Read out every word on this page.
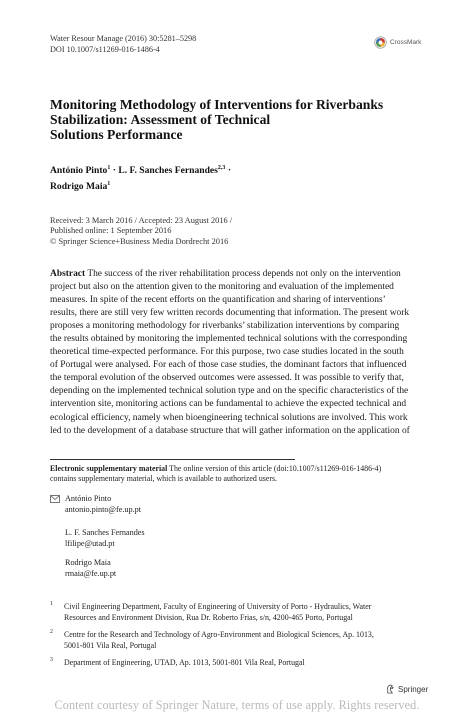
Water Resour Manage (2016) 30:5281–5298
DOI 10.1007/s11269-016-1486-4
CrossMark
Monitoring Methodology of Interventions for Riverbanks
Stabilization: Assessment of Technical
Solutions Performance
António Pinto$^1$ · L. F. Sanches Fernandes$^{2,3}$ ·
Rodrigo Maia$^1$
Received: 3 March 2016 / Accepted: 23 August 2016 /
Published online: 1 September 2016
© Springer Science+Business Media Dordrecht 2016
Abstract The success of the river rehabilitation process depends not only on the intervention
project but also on the attention given to the monitoring and evaluation of the implemented
measures. In spite of the recent efforts on the quantification and sharing of interventions’
results, there are still very few written records documenting that information. The present work
proposes a monitoring methodology for riverbanks’ stabilization interventions by comparing
the results obtained by monitoring the implemented technical solutions with the corresponding
theoretical time-expected performance. For this purpose, two case studies located in the south
of Portugal were analysed. For each of those case studies, the dominant factors that influenced
the temporal evolution of the observed outcomes were assessed. It was possible to verify that,
depending on the implemented technical solution type and on the specific characteristics of the
intervention site, monitoring actions can be fundamental to achieve the expected technical and
ecological efficiency, namely when bioengineering technical solutions are involved. This work
led to the development of a database structure that will gather information on the application of
Electronic supplementary material The online version of this article (doi:10.1007/s11269-016-1486-4)
contains supplementary material, which is available to authorized users.
António Pinto
antonio.pinto@fe.up.pt
L. F. Sanches Fernandes
lfilipe@utad.pt
Rodrigo Maia
rmaia@fe.up.pt
1 Civil Engineering Department, Faculty of Engineering of University of Porto - Hydraulics, Water
Resources and Environment Division, Rua Dr. Roberto Frias, s/n, 4200-465 Porto, Portugal
2 Centre for the Research and Technology of Agro-Environment and Biological Sciences, Ap. 1013,
5001-801 Vila Real, Portugal
3 Department of Engineering, UTAD, Ap. 1013, 5001-801 Vila Real, Portugal
Springer
Content courtesy of Springer Nature, terms of use apply. Rights reserved.
